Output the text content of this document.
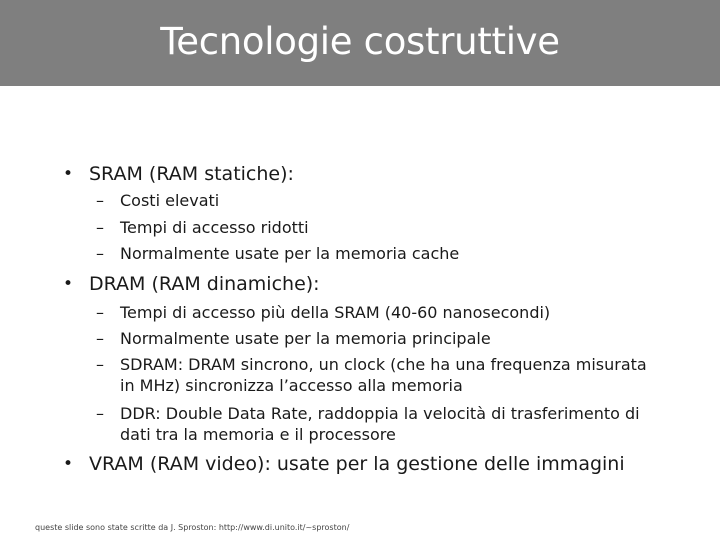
Tecnologie costruttive
• SRAM (RAM statiche):
– Costi elevati
– Tempi di accesso ridotti
– Normalmente usate per la memoria cache
• DRAM (RAM dinamiche):
– Tempi di accesso più della SRAM (40-60 nanosecondi)
– Normalmente usate per la memoria principale
– SDRAM: DRAM sincrono, un clock (che ha una frequenza misurata
in MHz) sincronizza l’accesso alla memoria
– DDR: Double Data Rate, raddoppia la velocità di trasferimento di
dati tra la memoria e il processore
• VRAM (RAM video): usate per la gestione delle immagini
queste slide sono state scritte da J. Sproston: http://www.di.unito.it/~sproston/
